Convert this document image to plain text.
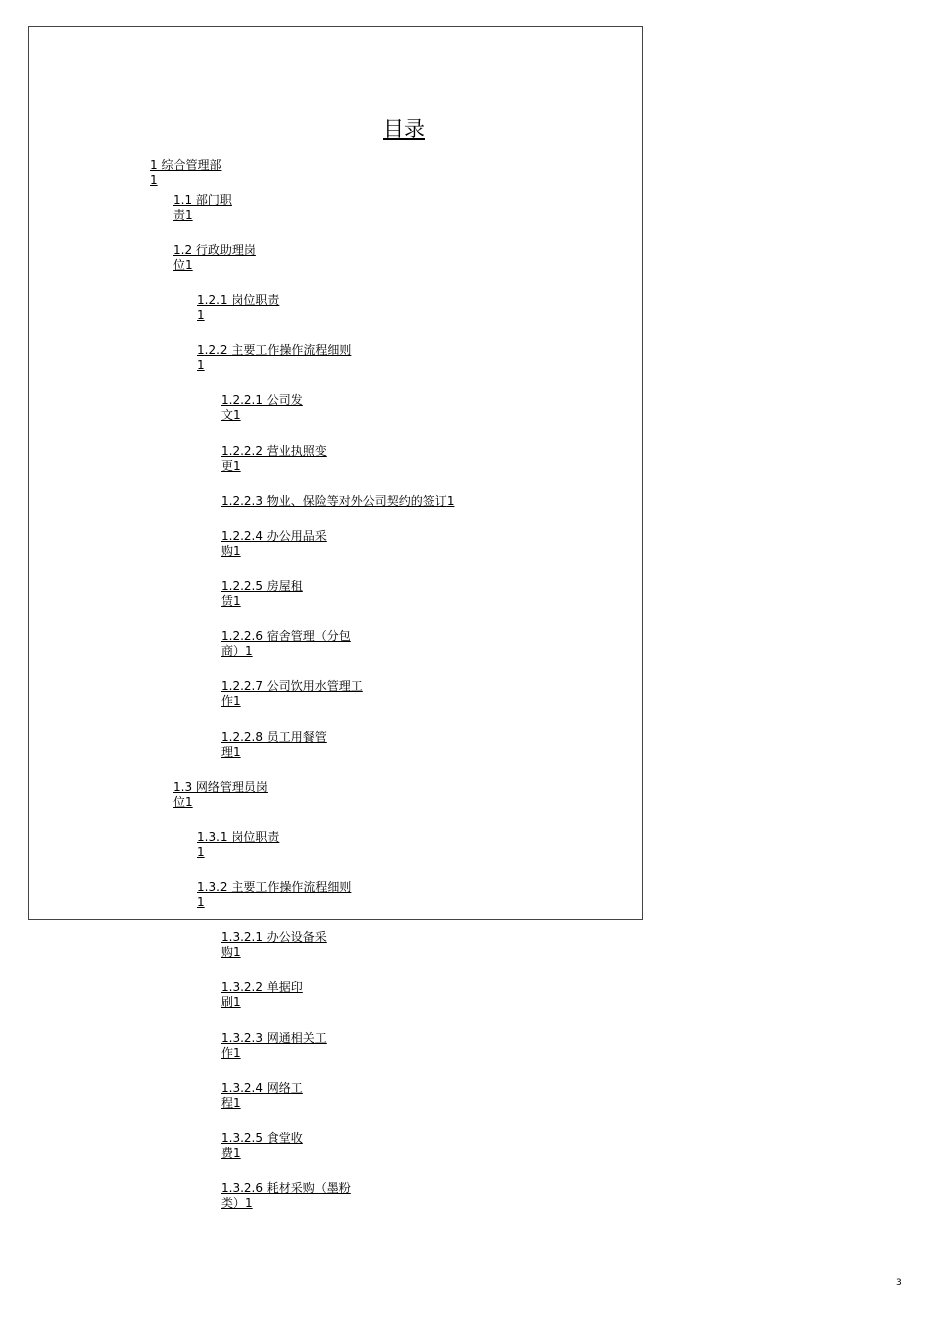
目录
1 综合管理部
1
1.1 部门职
责1
1.2 行政助理岗
位1
1.2.1 岗位职责
1
1.2.2 主要工作操作流程细则
1
1.2.2.1 公司发
文1
1.2.2.2 营业执照变
更1
1.2.2.3 物业、保险等对外公司契约的签订1
1.2.2.4 办公用品采
购1
1.2.2.5 房屋租
赁1
1.2.2.6 宿舍管理（分包
商）1
1.2.2.7 公司饮用水管理工
作1
1.2.2.8 员工用餐管
理1
1.3 网络管理员岗
位1
1.3.1 岗位职责
1
1.3.2 主要工作操作流程细则
1
1.3.2.1 办公设备采
购1
1.3.2.2 单据印
刷1
1.3.2.3 网通相关工
作1
1.3.2.4 网络工
程1
1.3.2.5 食堂收
费1
1.3.2.6 耗材采购（墨粉
类）1
3
